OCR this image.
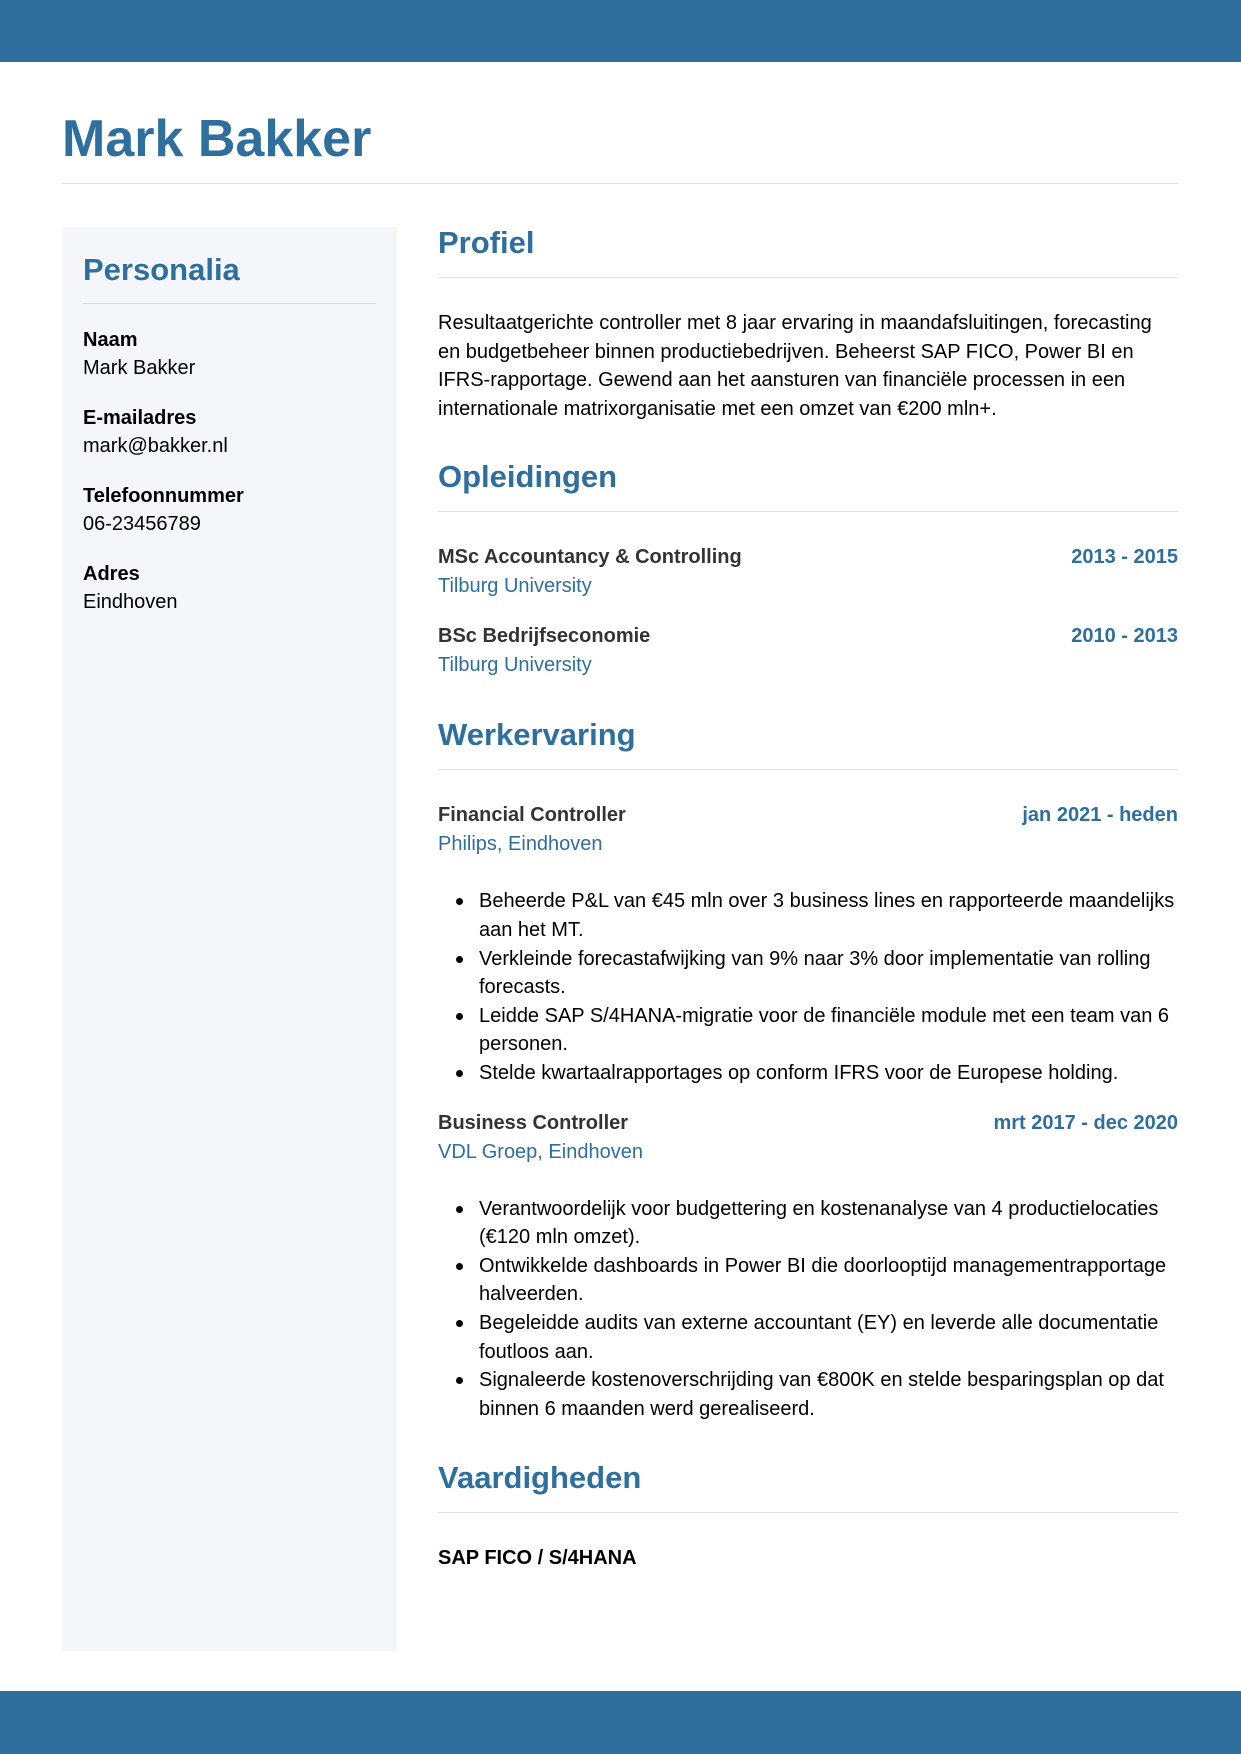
Mark Bakker
Personalia
Naam
Mark Bakker
E-mailadres
mark@bakker.nl
Telefoonnummer
06-23456789
Adres
Eindhoven
Profiel

Resultaatgerichte controller met 8 jaar ervaring in maandafsluitingen, forecasting en budgetbeheer binnen productiebedrijven. Beheerst SAP FICO, Power BI en IFRS-rapportage. Gewend aan het aansturen van financiële processen in een internationale matrixorganisatie met een omzet van €200 mln+.

Opleidingen
MSc Accountancy & Controlling	2013 - 2015
Tilburg University
BSc Bedrijfseconomie	2010 - 2013
Tilburg University
Werkervaring
Financial Controller	jan 2021 - heden
Philips, Eindhoven
Beheerde P&L van €45 mln over 3 business lines en rapporteerde maandelijks aan het MT.
Verkleinde forecastafwijking van 9% naar 3% door implementatie van rolling forecasts.
Leidde SAP S/4HANA-migratie voor de financiële module met een team van 6 personen.
Stelde kwartaalrapportages op conform IFRS voor de Europese holding.
Business Controller	mrt 2017 - dec 2020
VDL Groep, Eindhoven
Verantwoordelijk voor budgettering en kostenanalyse van 4 productielocaties (€120 mln omzet).
Ontwikkelde dashboards in Power BI die doorlooptijd managementrapportage halveerden.
Begeleidde audits van externe accountant (EY) en leverde alle documentatie foutloos aan.
Signaleerde kostenoverschrijding van €800K en stelde besparingsplan op dat binnen 6 maanden werd gerealiseerd.
Vaardigheden
SAP FICO / S/4HANA
